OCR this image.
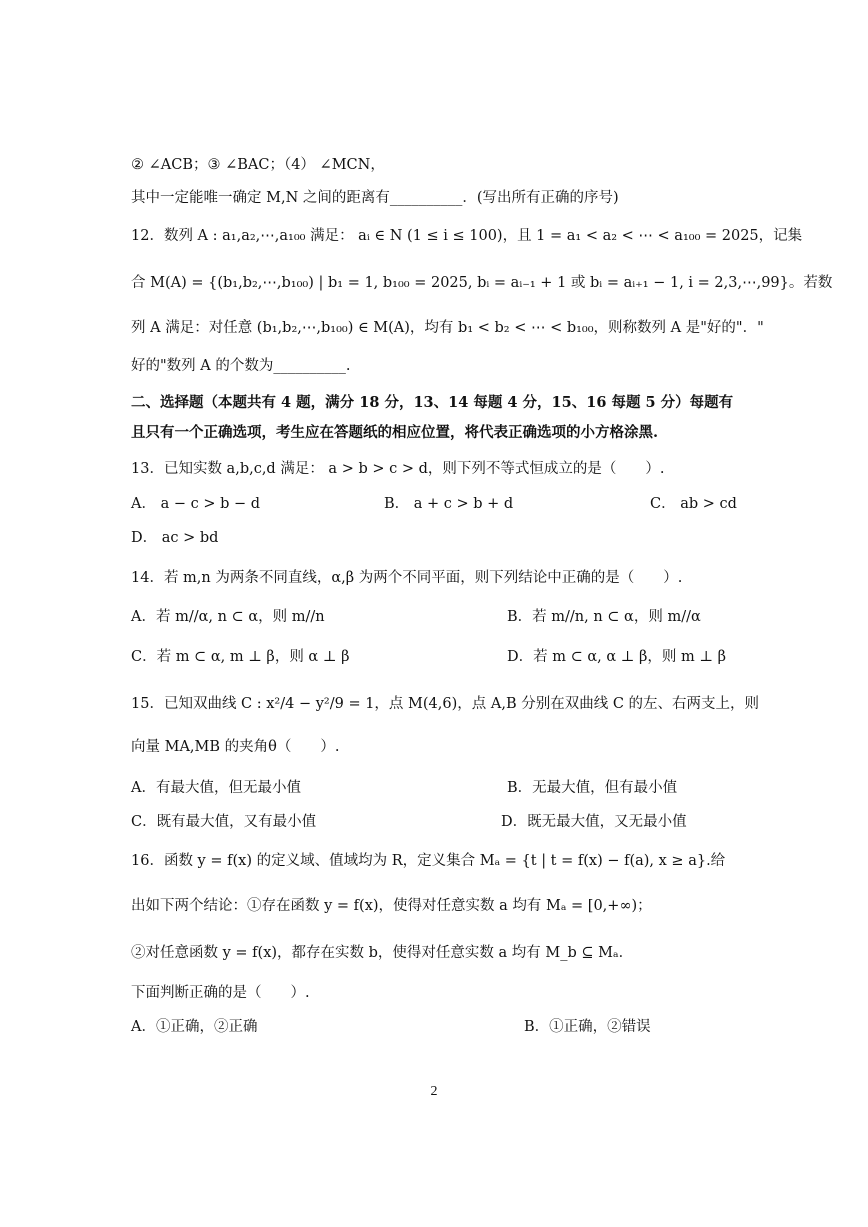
② ∠ACB；③ ∠BAC；（4） ∠MCN，
其中一定能唯一确定 M,N 之间的距离有__________．(写出所有正确的序号)
12．数列 A : a₁,a₂,⋯,a₁₀₀ 满足： aᵢ ∈ N (1 ≤ i ≤ 100)，且 1 = a₁ < a₂ < ⋯ < a₁₀₀ = 2025，记集
合 M(A) = {(b₁,b₂,⋯,b₁₀₀) | b₁ = 1, b₁₀₀ = 2025, bᵢ = aᵢ₋₁ + 1 或 bᵢ = aᵢ₊₁ − 1, i = 2,3,⋯,99}。若数
列 A 满足：对任意 (b₁,b₂,⋯,b₁₀₀) ∈ M(A)，均有 b₁ < b₂ < ⋯ < b₁₀₀，则称数列 A 是"好的"．"
好的"数列 A 的个数为__________.
二、选择题（本题共有 4 题，满分 18 分，13、14 每题 4 分，15、16 每题 5 分）每题有
且只有一个正确选项，考生应在答题纸的相应位置，将代表正确选项的小方格涂黑.
13．已知实数 a,b,c,d 满足： a > b > c > d，则下列不等式恒成立的是（　　）.
A． a − c > b − d	B． a + c > b + d	C． ab > cd
D． ac > bd
14．若 m,n 为两条不同直线，α,β 为两个不同平面，则下列结论中正确的是（　　）.
A．若 m//α, n ⊂ α，则 m//n	B．若 m//n, n ⊂ α，则 m//α
C．若 m ⊂ α, m ⊥ β，则 α ⊥ β	D．若 m ⊂ α, α ⊥ β，则 m ⊥ β
15．已知双曲线 C : x²/4 − y²/9 = 1，点 M(4,6)，点 A,B 分别在双曲线 C 的左、右两支上，则
向量 MA,MB 的夹角θ（　　）.
A．有最大值，但无最小值	B．无最大值，但有最小值
C．既有最大值，又有最小值	D．既无最大值，又无最小值
16．函数 y = f(x) 的定义域、值域均为 R，定义集合 Mₐ = {t | t = f(x) − f(a), x ≥ a}.给
出如下两个结论：①存在函数 y = f(x)，使得对任意实数 a 均有 Mₐ = [0,+∞)；
②对任意函数 y = f(x)，都存在实数 b，使得对任意实数 a 均有 M_b ⊆ Mₐ．
下面判断正确的是（　　）.
A．①正确，②正确	B．①正确，②错误
2
